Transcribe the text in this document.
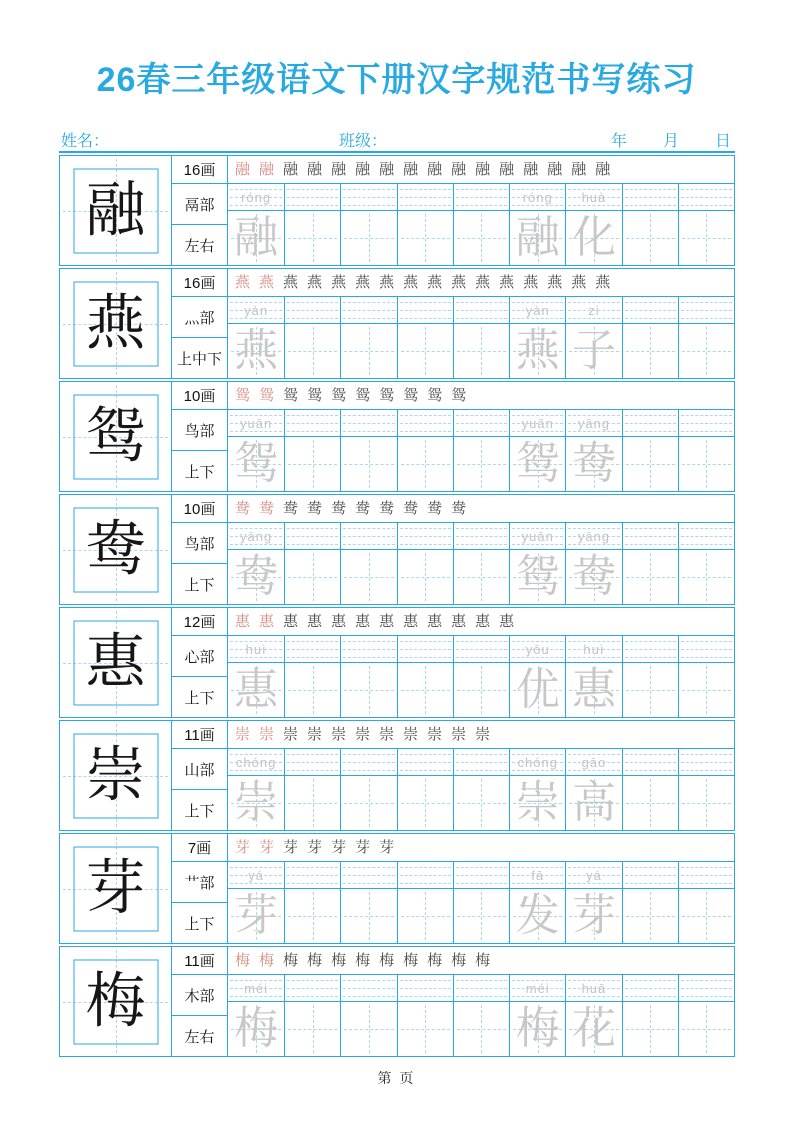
26春三年级语文下册汉字规范书写练习
姓名：	班级：	年 月 日
融
16画
鬲部
左右
融 融 融 融 融 融 融 融 融 融 融 融 融 融 融 融
róng	róng	huà
融	融 化
燕
16画
灬部
上中下
燕 燕 燕 燕 燕 燕 燕 燕 燕 燕 燕 燕 燕 燕 燕 燕
yàn	yàn	zi
燕	燕 子
鸳
10画
鸟部
上下
鸳 鸳 鸳 鸳 鸳 鸳 鸳 鸳 鸳 鸳
yuān	yuān	yāng
鸳	鸳 鸯
鸯
10画
鸟部
上下
鸯 鸯 鸯 鸯 鸯 鸯 鸯 鸯 鸯 鸯
yāng	yuān	yāng
鸯	鸳 鸯
惠
12画
心部
上下
惠 惠 惠 惠 惠 惠 惠 惠 惠 惠 惠 惠
huì	yōu	huì
惠	优 惠
崇
11画
山部
上下
崇 崇 崇 崇 崇 崇 崇 崇 崇 崇 崇
chóng	chóng	gāo
崇	崇 高
芽
7画
艹部
上下
芽 芽 芽 芽 芽 芽 芽
yá	fā	yá
芽	发 芽
梅
11画
木部
左右
梅 梅 梅 梅 梅 梅 梅 梅 梅 梅 梅
méi	méi	huā
梅	梅 花
第 页
